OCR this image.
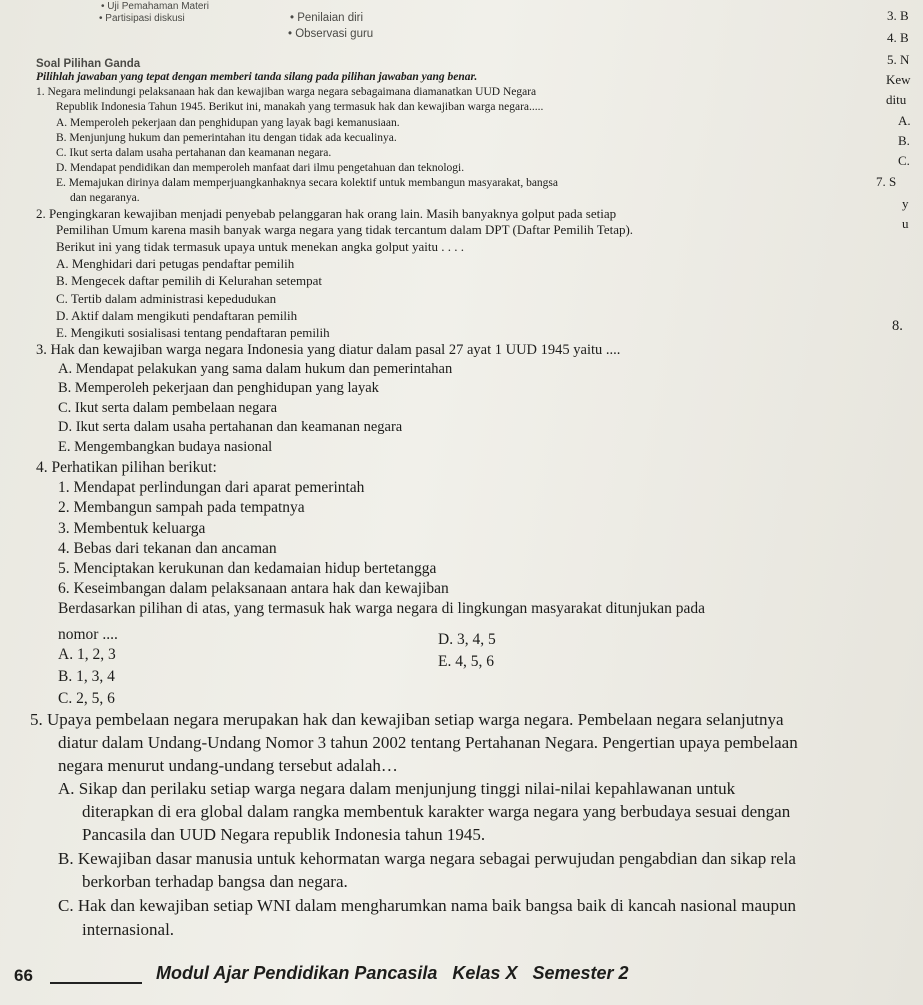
• Uji Pemahaman Materi
• Partisipasi diskusi	• Penilaian diri
• Observasi guru
3. B
4. B
5. N
Kew
ditu
A.
B.
C.
7. S
y
u
8.
Soal Pilihan Ganda
Pilihlah jawaban yang tepat dengan memberi tanda silang pada pilihan jawaban yang benar.
1. Negara melindungi pelaksanaan hak dan kewajiban warga negara sebagaimana diamanatkan UUD Negara
Republik Indonesia Tahun 1945. Berikut ini, manakah yang termasuk hak dan kewajiban warga negara.....
A. Memperoleh pekerjaan dan penghidupan yang layak bagi kemanusiaan.
B. Menjunjung hukum dan pemerintahan itu dengan tidak ada kecualinya.
C. Ikut serta dalam usaha pertahanan dan keamanan negara.
D. Mendapat pendidikan dan memperoleh manfaat dari ilmu pengetahuan dan teknologi.
E. Memajukan dirinya dalam memperjuangkanhaknya secara kolektif untuk membangun masyarakat, bangsa
dan negaranya.
2. Pengingkaran kewajiban menjadi penyebab pelanggaran hak orang lain. Masih banyaknya golput pada setiap
Pemilihan Umum karena masih banyak warga negara yang tidak tercantum dalam DPT (Daftar Pemilih Tetap).
Berikut ini yang tidak termasuk upaya untuk menekan angka golput yaitu . . . .
A. Menghidari dari petugas pendaftar pemilih
B. Mengecek daftar pemilih di Kelurahan setempat
C. Tertib dalam administrasi kepedudukan
D. Aktif dalam mengikuti pendaftaran pemilih
E. Mengikuti sosialisasi tentang pendaftaran pemilih
3. Hak dan kewajiban warga negara Indonesia yang diatur dalam pasal 27 ayat 1 UUD 1945 yaitu ....
A. Mendapat pelakukan yang sama dalam hukum dan pemerintahan
B. Memperoleh pekerjaan dan penghidupan yang layak
C. Ikut serta dalam pembelaan negara
D. Ikut serta dalam usaha pertahanan dan keamanan negara
E. Mengembangkan budaya nasional
4. Perhatikan pilihan berikut:
1. Mendapat perlindungan dari aparat pemerintah
2. Membangun sampah pada tempatnya
3. Membentuk keluarga
4. Bebas dari tekanan dan ancaman
5. Menciptakan kerukunan dan kedamaian hidup bertetangga
6. Keseimbangan dalam pelaksanaan antara hak dan kewajiban
Berdasarkan pilihan di atas, yang termasuk hak warga negara di lingkungan masyarakat ditunjukan pada
nomor ....
A. 1, 2, 3
B. 1, 3, 4
C. 2, 5, 6
D. 3, 4, 5
E. 4, 5, 6
5. Upaya pembelaan negara merupakan hak dan kewajiban setiap warga negara. Pembelaan negara selanjutnya
diatur dalam Undang-Undang Nomor 3 tahun 2002 tentang Pertahanan Negara. Pengertian upaya pembelaan
negara menurut undang-undang tersebut adalah…
A. Sikap dan perilaku setiap warga negara dalam menjunjung tinggi nilai-nilai kepahlawanan untuk
diterapkan di era global dalam rangka membentuk karakter warga negara yang berbudaya sesuai dengan
Pancasila dan UUD Negara republik Indonesia tahun 1945.
B. Kewajiban dasar manusia untuk kehormatan warga negara sebagai perwujudan pengabdian dan sikap rela
berkorban terhadap bangsa dan negara.
C. Hak dan kewajiban setiap WNI dalam mengharumkan nama baik bangsa baik di kancah nasional maupun
internasional.
66	Modul Ajar Pendidikan Pancasila   Kelas X   Semester 2
